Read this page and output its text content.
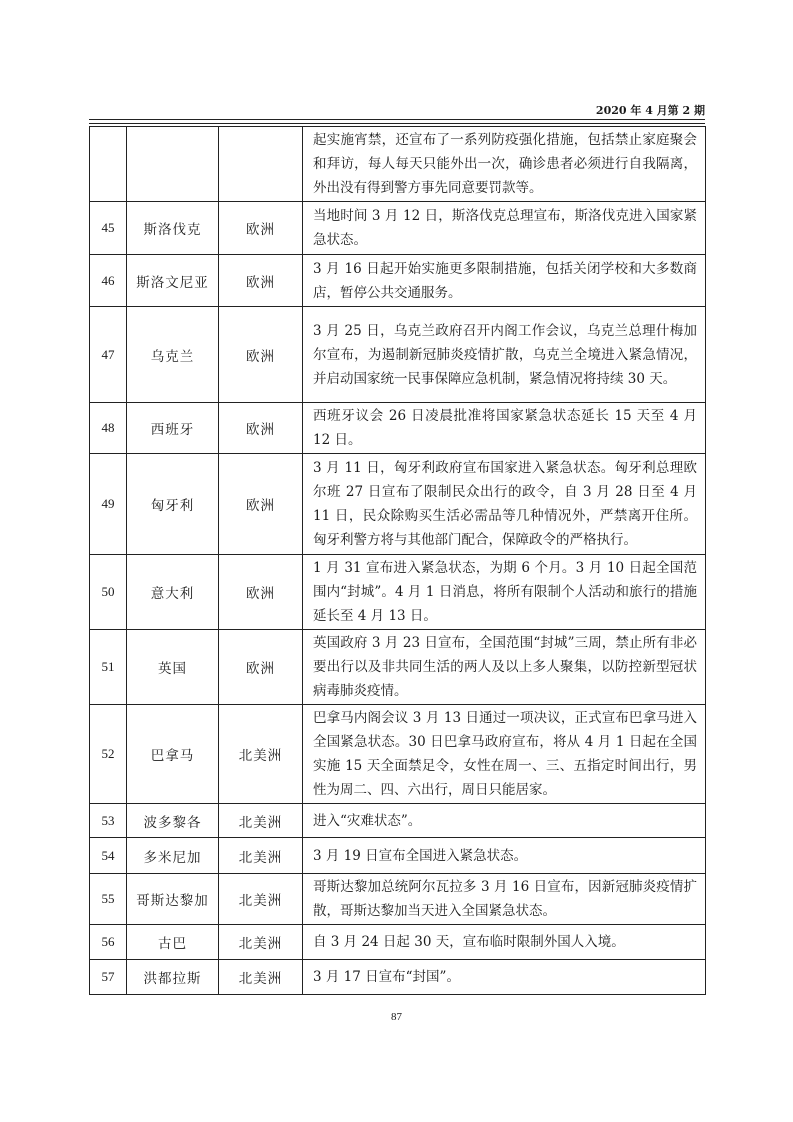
2020 年 4 月第 2 期
			起实施宵禁，还宣布了一系列防疫强化措施，包括禁止家庭聚会和拜访，每人每天只能外出一次，确诊患者必须进行自我隔离，外出没有得到警方事先同意要罚款等。
45	斯洛伐克	欧洲	当地时间 3 月 12 日，斯洛伐克总理宣布，斯洛伐克进入国家紧急状态。
46	斯洛文尼亚	欧洲	3 月 16 日起开始实施更多限制措施，包括关闭学校和大多数商店，暂停公共交通服务。
47	乌克兰	欧洲	3 月 25 日，乌克兰政府召开内阁工作会议，乌克兰总理什梅加尔宣布，为遏制新冠肺炎疫情扩散，乌克兰全境进入紧急情况，并启动国家统一民事保障应急机制，紧急情况将持续 30 天。
48	西班牙	欧洲	西班牙议会 26 日凌晨批准将国家紧急状态延长 15 天至 4 月 12 日。
49	匈牙利	欧洲	3 月 11 日，匈牙利政府宣布国家进入紧急状态。匈牙利总理欧尔班 27 日宣布了限制民众出行的政令，自 3 月 28 日至 4 月 11 日，民众除购买生活必需品等几种情况外，严禁离开住所。匈牙利警方将与其他部门配合，保障政令的严格执行。
50	意大利	欧洲	1 月 31 宣布进入紧急状态，为期 6 个月。3 月 10 日起全国范围内“封城”。4 月 1 日消息，将所有限制个人活动和旅行的措施延长至 4 月 13 日。
51	英国	欧洲	英国政府 3 月 23 日宣布，全国范围“封城”三周，禁止所有非必要出行以及非共同生活的两人及以上多人聚集，以防控新型冠状病毒肺炎疫情。
52	巴拿马	北美洲	巴拿马内阁会议 3 月 13 日通过一项决议，正式宣布巴拿马进入全国紧急状态。30 日巴拿马政府宣布，将从 4 月 1 日起在全国实施 15 天全面禁足令，女性在周一、三、五指定时间出行，男性为周二、四、六出行，周日只能居家。
53	波多黎各	北美洲	进入“灾难状态”。
54	多米尼加	北美洲	3 月 19 日宣布全国进入紧急状态。
55	哥斯达黎加	北美洲	哥斯达黎加总统阿尔瓦拉多 3 月 16 日宣布，因新冠肺炎疫情扩散，哥斯达黎加当天进入全国紧急状态。
56	古巴	北美洲	自 3 月 24 日起 30 天，宣布临时限制外国人入境。
57	洪都拉斯	北美洲	3 月 17 日宣布“封国”。
87
